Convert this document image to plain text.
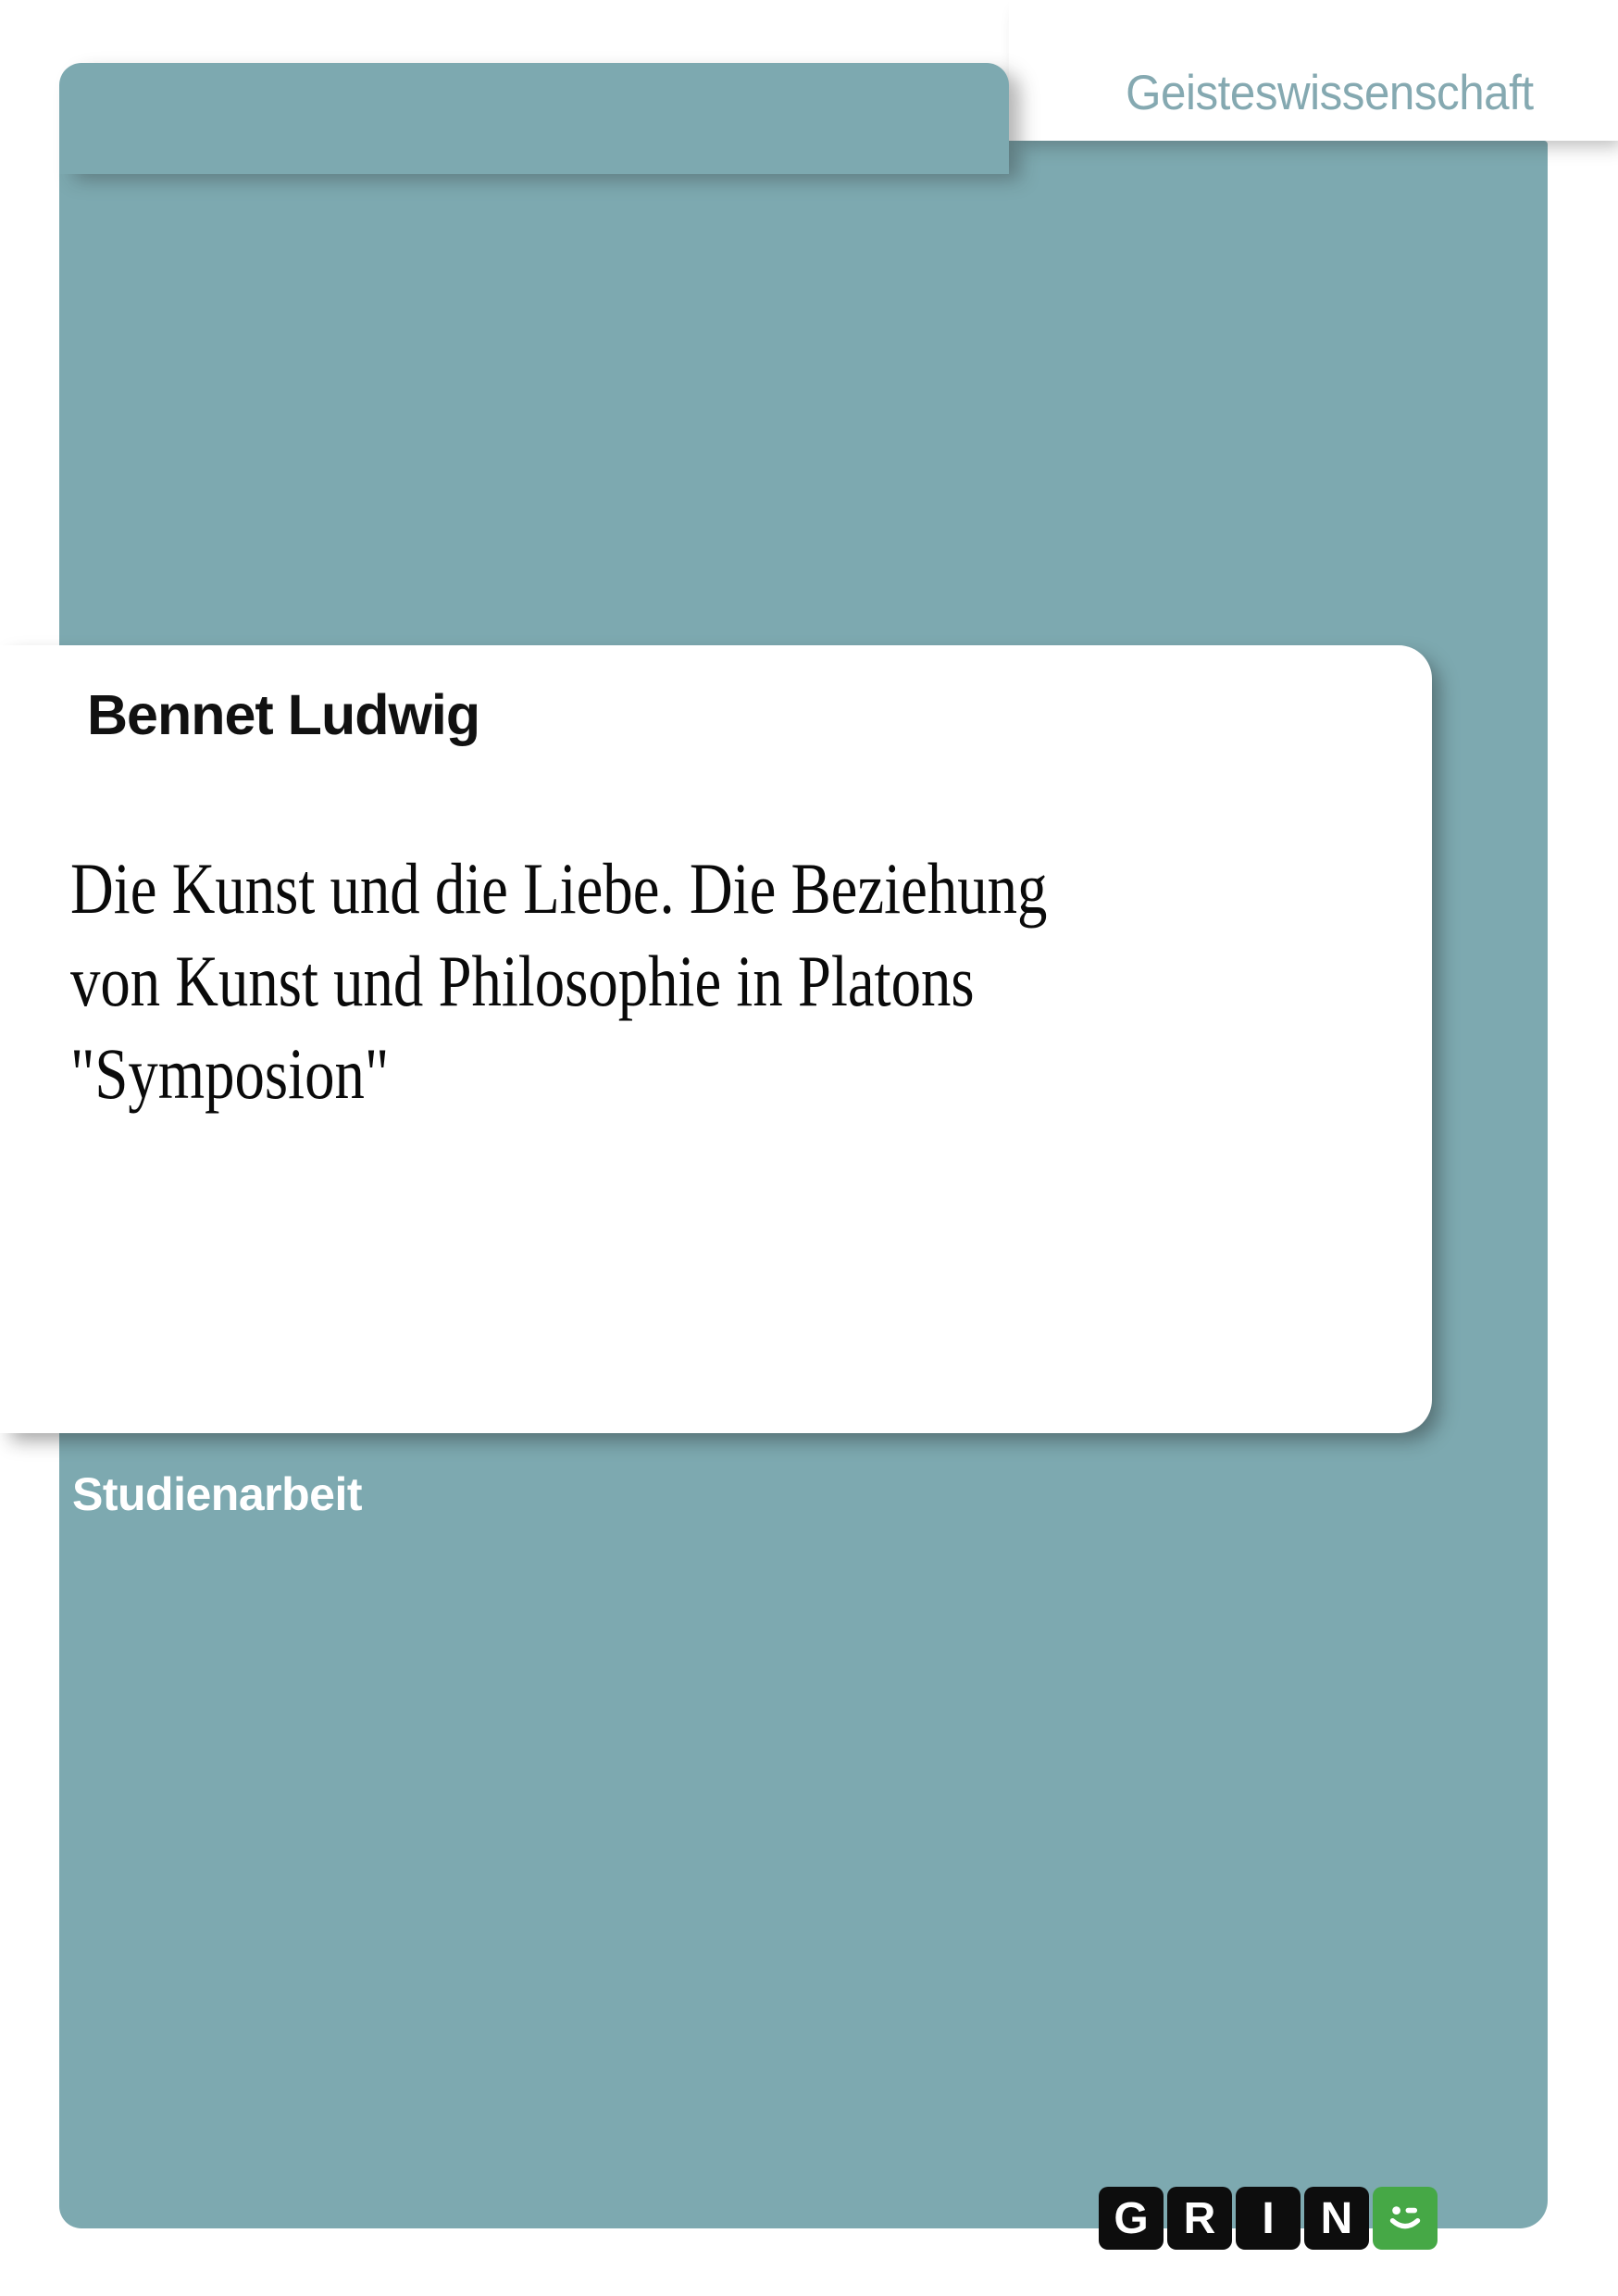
Geisteswissenschaft
Bennet Ludwig
Die Kunst und die Liebe. Die Beziehung
von Kunst und Philosophie in Platons
"Symposion"
Studienarbeit
G R	I	N
